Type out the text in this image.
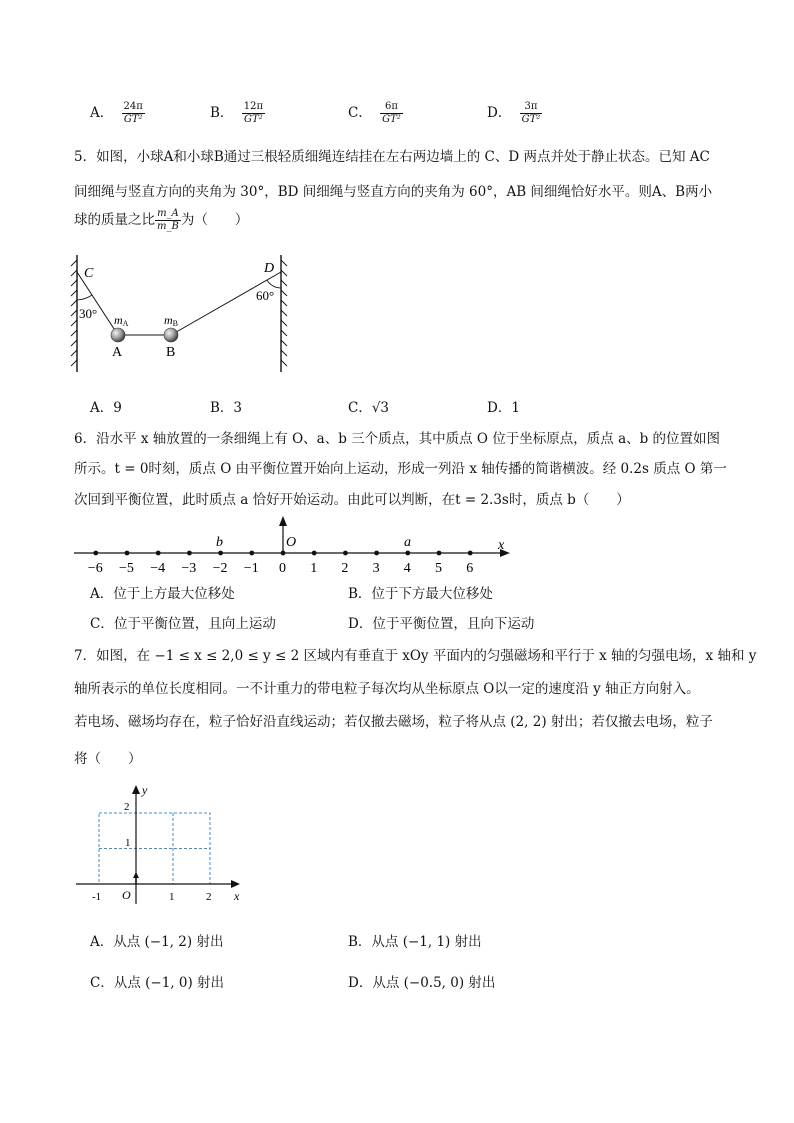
A． $\frac{24\pi}{\text{GT²}}$	B． $\frac{12\pi}{\text{GT²}}$	C． $\frac{6\pi}{\text{GT²}}$	D． $\frac{3\pi}{\text{GT²}}$
5．如图，小球A和小球B通过三根轻质细绳连结挂在左右两边墙上的 C、D 两点并处于静止状态。已知 AC
间细绳与竖直方向的夹角为 30°，BD 间细绳与竖直方向的夹角为 60°，AB 间细绳恰好水平。则A、B两小
球的质量之比 $\frac{m\_A}{m\_B}$ 为（　　）
C	D
30°
60°
mA	mB
A	B
A．9	B．3	C．√3	D．1
6．沿水平 x 轴放置的一条细绳上有 O、a、b 三个质点，其中质点 O 位于坐标原点，质点 a、b 的位置如图
所示。t = 0时刻，质点 O 由平衡位置开始向上运动，形成一列沿 x 轴传播的简谐横波。经 0.2s 质点 O 第一
次回到平衡位置，此时质点 a 恰好开始运动。由此可以判断，在t = 2.3s时，质点 b（　　）
−6 −5 −4 −3 −2 −1 0 1 2 3 4 5 6
x
b	O	a
A．位于上方最大位移处	B．位于下方最大位移处
C．位于平衡位置，且向上运动	D．位于平衡位置，且向下运动
7．如图，在 −1 ≤ x ≤ 2,0 ≤ y ≤ 2 区域内有垂直于 xOy 平面内的匀强磁场和平行于 x 轴的匀强电场，x 轴和 y
轴所表示的单位长度相同。一不计重力的带电粒子每次均从坐标原点 O以一定的速度沿 y 轴正方向射入。
若电场、磁场均存在，粒子恰好沿直线运动；若仅撤去磁场，粒子将从点 (2, 2) 射出；若仅撤去电场，粒子
将（　　）
y
x
O
2
1
-1	1	2
A．从点 (−1, 2) 射出	B．从点 (−1, 1) 射出
C．从点 (−1, 0) 射出	D．从点 (−0.5, 0) 射出
